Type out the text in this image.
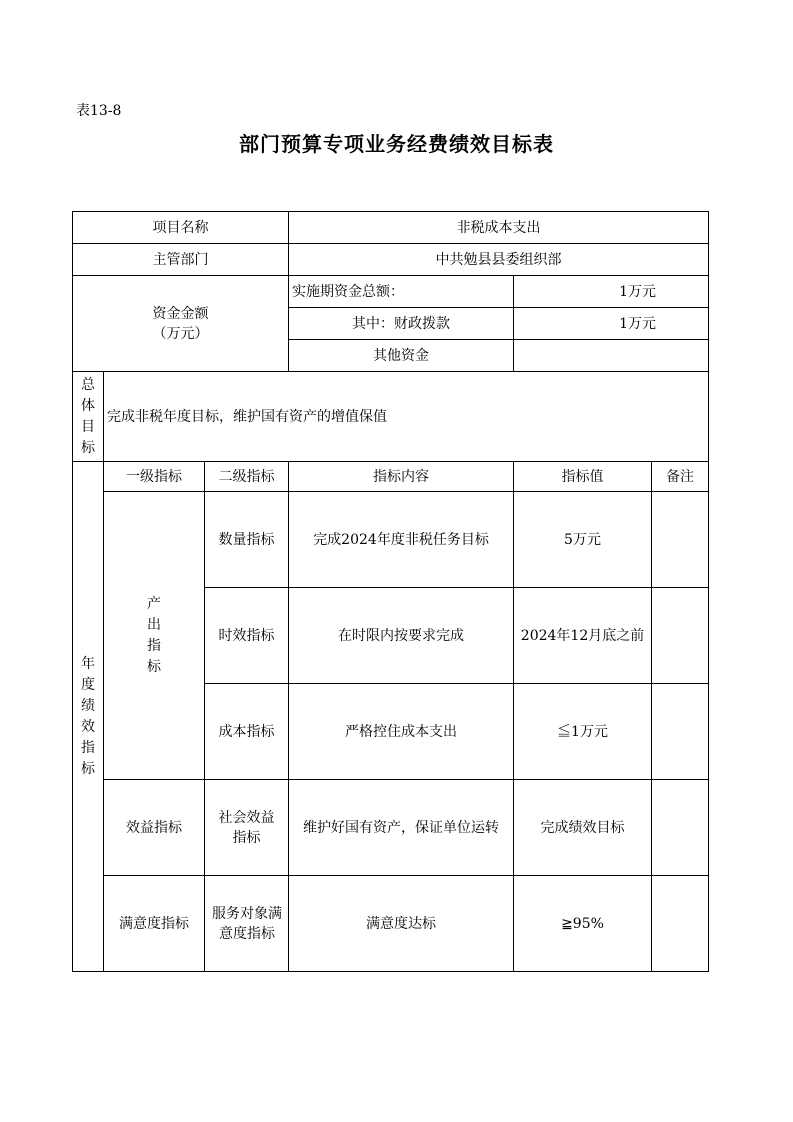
表13-8
部门预算专项业务经费绩效目标表
项目名称			非税成本支出		
主管部门			中共勉县县委组织部		

资金金额
（万元）			实施期资金总额：	1万元	
			其中：财政拨款	1万元	
			其他资金		
总体目标	完成非税年度目标，维护国有资产的增值保值				
年度绩效指标	一级指标	二级指标	指标内容	指标值	备注
	产出指标	数量指标	完成2024年度非税任务目标	5万元	
		时效指标	在时限内按要求完成	2024年12月底之前	
		成本指标	严格控住成本支出	≦1万元	
	效益指标	社会效益指标	维护好国有资产，保证单位运转	完成绩效目标	
	满意度指标	服务对象满意度指标	满意度达标	≧95%	
